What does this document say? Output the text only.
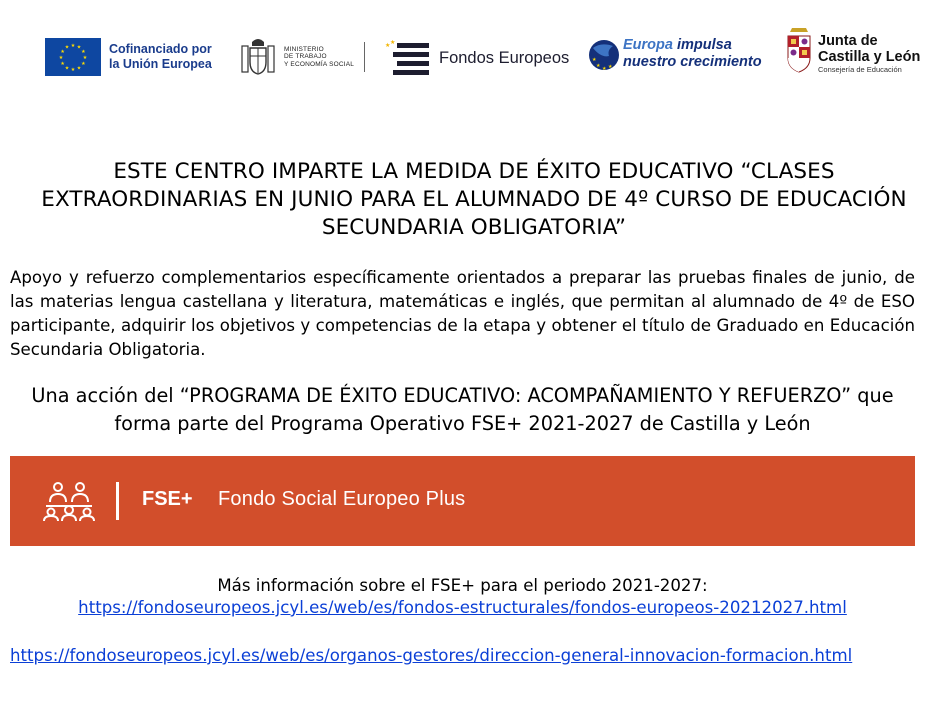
★ ★
★
★
★
★
★
★
★
★
★
★	Cofinanciado por
la Unión Europea
MINISTERIO
DE TRABAJO
Y ECONOMÍA SOCIAL
★ ★
Fondos Europeos	★
★ ★ ★
Europa impulsa
nuestro crecimiento
Junta de
Castilla y León
Consejería de Educación
ESTE CENTRO IMPARTE LA MEDIDA DE ÉXITO EDUCATIVO “CLASES EXTRAORDINARIAS EN JUNIO PARA EL ALUMNADO DE 4º CURSO DE EDUCACIÓN SECUNDARIA OBLIGATORIA”
Apoyo y refuerzo complementarios específicamente orientados a preparar las pruebas finales de junio, de las materias lengua castellana y literatura, matemáticas e inglés, que permitan al alumnado de 4º de ESO participante, adquirir los objetivos y competencias de la etapa y obtener el título de Graduado en Educación Secundaria Obligatoria.
Una acción del “PROGRAMA DE ÉXITO EDUCATIVO: ACOMPAÑAMIENTO Y REFUERZO” que forma parte del Programa Operativo FSE+ 2021-2027 de Castilla y León
FSE+ Fondo Social Europeo Plus
Más información sobre el FSE+ para el periodo 2021-2027:
https://fondoseuropeos.jcyl.es/web/es/fondos-estructurales/fondos-europeos-20212027.html
https://fondoseuropeos.jcyl.es/web/es/organos-gestores/direccion-general-innovacion-formacion.html
